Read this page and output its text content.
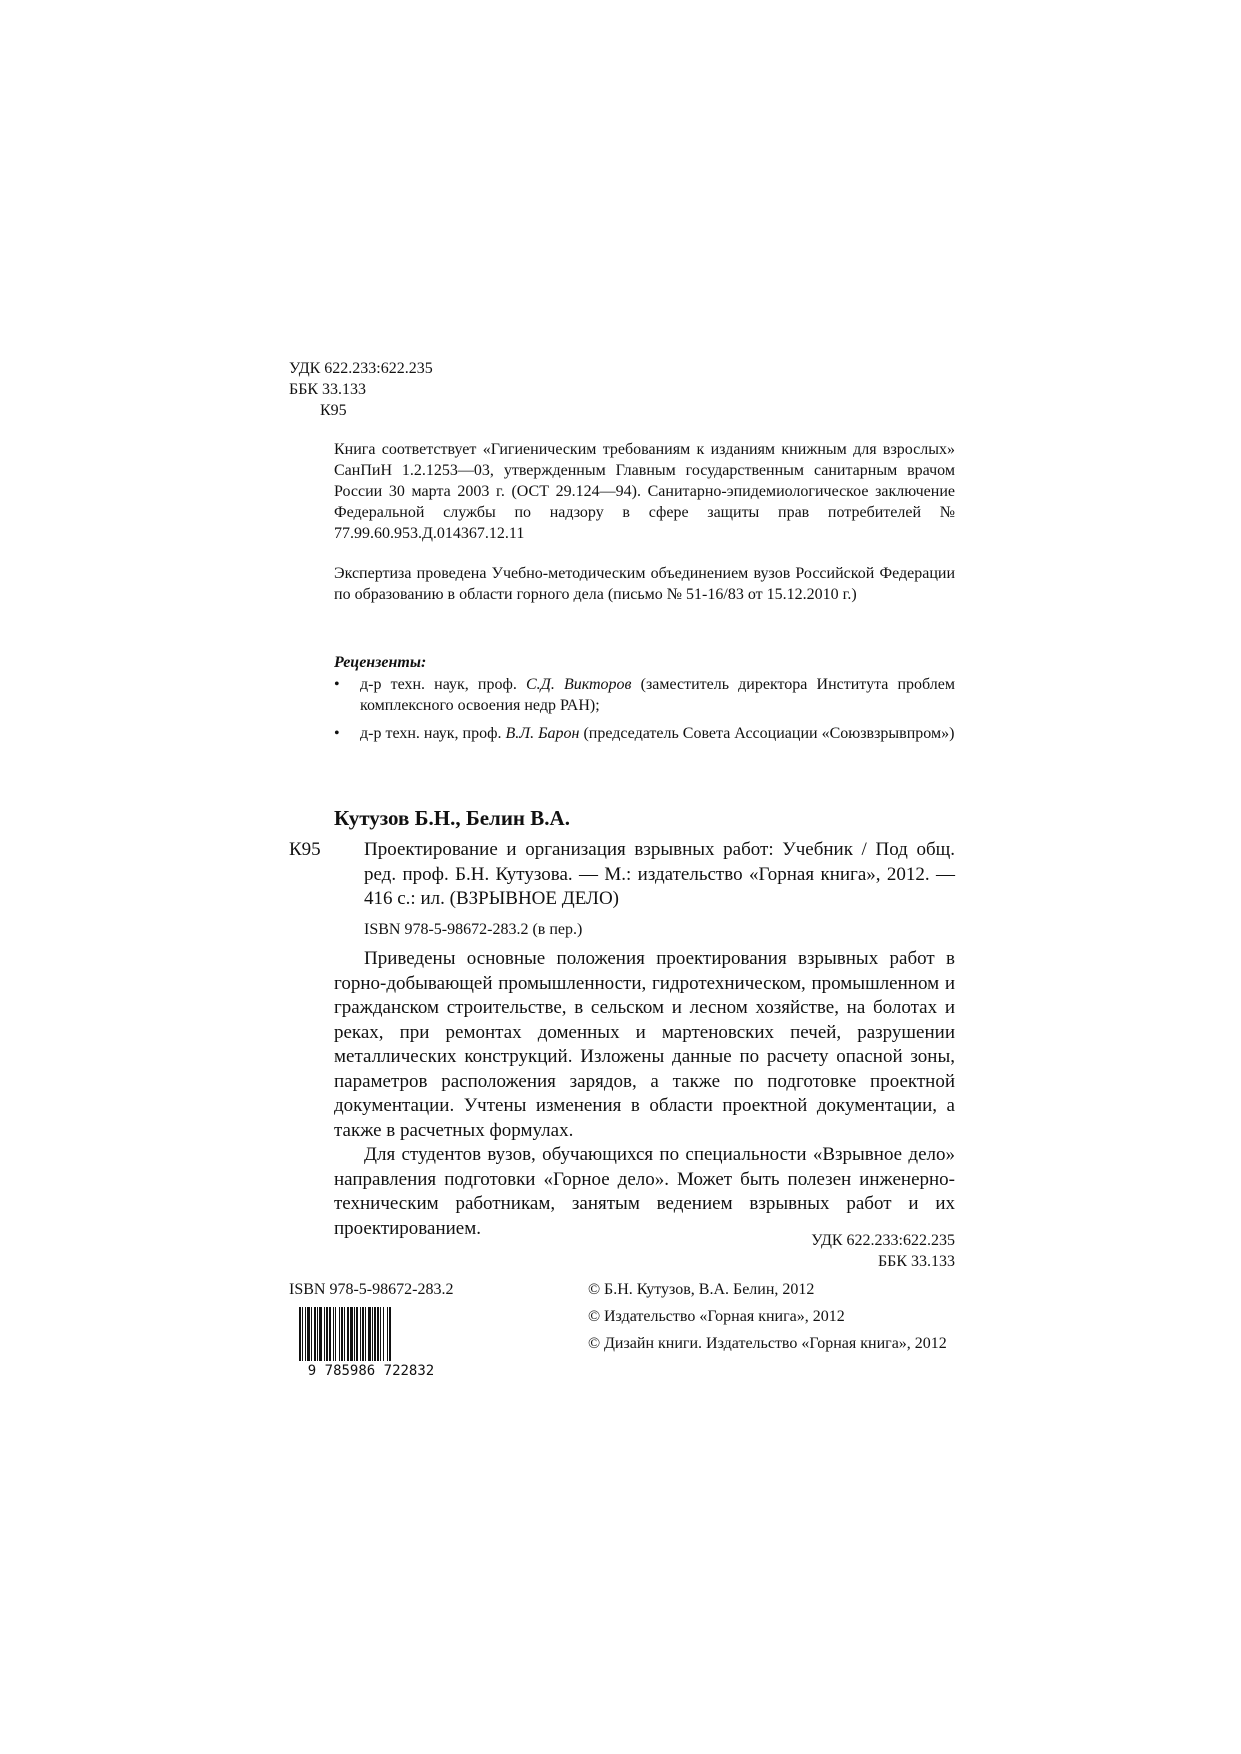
УДК 622.233:622.235
ББК 33.133
К95
Книга соответствует «Гигиеническим требованиям к изданиям книжным для взрослых» СанПиН 1.2.1253—03, утвержденным Главным государственным санитарным врачом России 30 марта 2003 г. (ОСТ 29.124—94). Санитарно-эпидемиологическое заключение Федеральной службы по надзору в сфере защиты прав потребителей № 77.99.60.953.Д.014367.12.11
Экспертиза проведена Учебно-методическим объединением вузов Российской Федерации по образованию в области горного дела (письмо № 51-16/83 от 15.12.2010 г.)
Рецензенты:
• д-р техн. наук, проф. С.Д. Викторов (заместитель директора Института проблем комплексного освоения недр РАН);
• д-р техн. наук, проф. В.Л. Барон (председатель Совета Ассоциации «Союзвзрывпром»)
Кутузов Б.Н., Белин В.А.
К95 Проектирование и организация взрывных работ: Учебник / Под общ. ред. проф. Б.Н. Кутузова. — М.: издательство «Горная книга», 2012. — 416 с.: ил. (ВЗРЫВНОЕ ДЕЛО)
ISBN 978-5-98672-283.2 (в пер.)

Приведены основные положения проектирования взрывных работ в горно-добывающей промышленности, гидротехническом, промышленном и гражданском строительстве, в сельском и лесном хозяйстве, на болотах и реках, при ремонтах доменных и мартеновских печей, разрушении металлических конструкций. Изложены данные по расчету опасной зоны, параметров расположения зарядов, а также по подготовке проектной документации. Учтены изменения в области проектной документации, а также в расчетных формулах.

Для студентов вузов, обучающихся по специальности «Взрывное дело» направления подготовки «Горное дело». Может быть полезен инженерно-техническим работникам, занятым ведением взрывных работ и их проектированием.

УДК 622.233:622.235
ББК 33.133
ISBN 978-5-98672-283.2
9 785986 722832
© Б.Н. Кутузов, В.А. Белин, 2012
© Издательство «Горная книга», 2012
© Дизайн книги. Издательство «Горная книга», 2012
